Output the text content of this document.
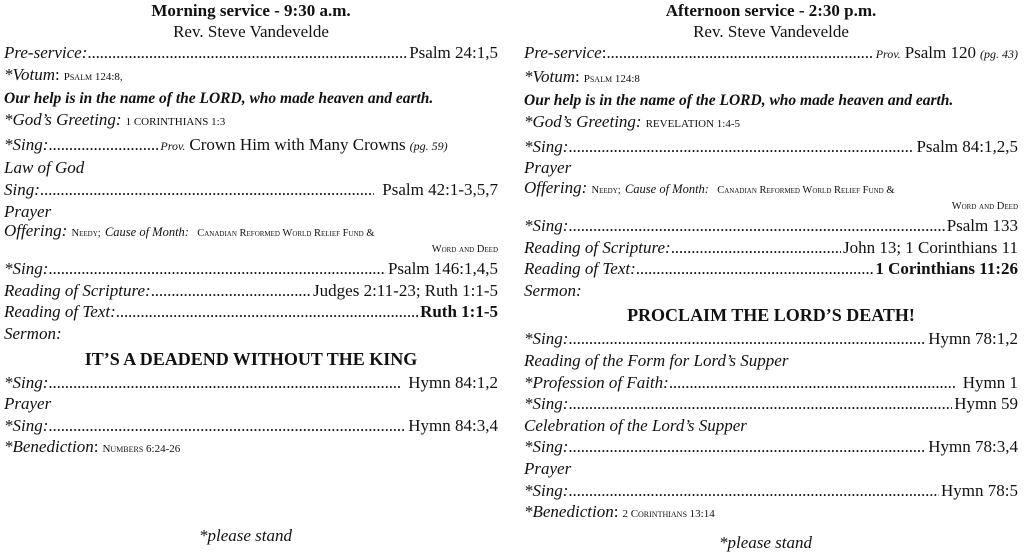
Morning service - 9:30 a.m.
Rev. Steve Vandevelde
Pre-service: . . .	Psalm 24:1,5
*Votum : Psalm 124:8,
Our help is in the name of the LORD, who made heaven and earth.
*God’s Greeting: 1 CORINTHIANS 1:3
*Sing: . . .	Prov. Crown Him with Many Crowns (pg. 59)
Law of God
Sing: . . .	Psalm 42:1-3,5,7
Prayer
Offering: Needy; Cause of Month: Canadian Reformed World Relief Fund &
Word and Deed
*Sing: . . .	Psalm 146:1,4,5
Reading of Scripture: . . .	Judges 2:11-23; Ruth 1:1-5
Reading of Text: . . .	Ruth 1:1-5
Sermon:
IT’S A DEADEND WITHOUT THE KING
*Sing: . . .	Hymn 84:1,2
Prayer
*Sing: . . .	Hymn 84:3,4
*Benediction : Numbers 6:24-26
*please stand
Afternoon service - 2:30 p.m.
Rev. Steve Vandevelde
Pre-service : . . .	Prov. Psalm 120 (pg. 43)
*Votum : Psalm 124:8
Our help is in the name of the LORD, who made heaven and earth.
*God’s Greeting: REVELATION 1:4-5
*Sing: . . .	Psalm 84:1,2,5
Prayer
Offering: Needy; Cause of Month: Canadian Reformed World Relief Fund &
Word and Deed
*Sing: . . .	Psalm 133
Reading of Scripture: . . .	John 13; 1 Corinthians 11
Reading of Text: . . .	1 Corinthians 11:26
Sermon:
PROCLAIM THE LORD’S DEATH!
*Sing: . . .	Hymn 78:1,2
Reading of the Form for Lord’s Supper
*Profession of Faith: . . .	Hymn 1
*Sing: . . .	Hymn 59
Celebration of the Lord’s Supper
*Sing: . . .	Hymn 78:3,4
Prayer
*Sing: . . .	Hymn 78:5
*Benediction : 2 Corinthians 13:14
*please stand
